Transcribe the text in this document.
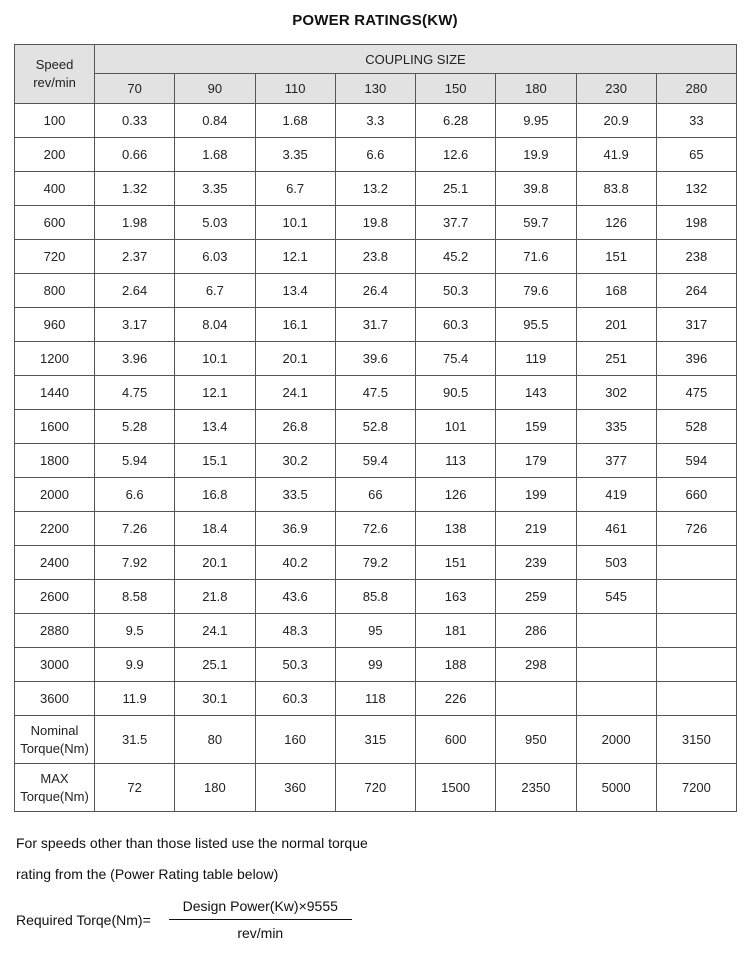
POWER RATINGS(KW)
Speed
rev/min	COUPLING SIZE							
	70	90	110	130	150	180	230	280
100	0.33	0.84	1.68	3.3	6.28	9.95	20.9	33
200	0.66	1.68	3.35	6.6	12.6	19.9	41.9	65
400	1.32	3.35	6.7	13.2	25.1	39.8	83.8	132
600	1.98	5.03	10.1	19.8	37.7	59.7	126	198
720	2.37	6.03	12.1	23.8	45.2	71.6	151	238
800	2.64	6.7	13.4	26.4	50.3	79.6	168	264
960	3.17	8.04	16.1	31.7	60.3	95.5	201	317
1200	3.96	10.1	20.1	39.6	75.4	119	251	396
1440	4.75	12.1	24.1	47.5	90.5	143	302	475
1600	5.28	13.4	26.8	52.8	101	159	335	528
1800	5.94	15.1	30.2	59.4	113	179	377	594
2000	6.6	16.8	33.5	66	126	199	419	660
2200	7.26	18.4	36.9	72.6	138	219	461	726
2400	7.92	20.1	40.2	79.2	151	239	503	
2600	8.58	21.8	43.6	85.8	163	259	545	
2880	9.5	24.1	48.3	95	181	286		
3000	9.9	25.1	50.3	99	188	298		
3600	11.9	30.1	60.3	118	226			

Nominal
Torque(Nm)	31.5	80	160	315	600	950	2000	3150

MAX
Torque(Nm)	72	180	360	720	1500	2350	5000	7200
For speeds other than those listed use the normal torque
rating from the (Power Rating table below)
Required Torqe(Nm)= $\frac{\text{Design Power(Kw)×9555}}{\text{rev/min}}$
